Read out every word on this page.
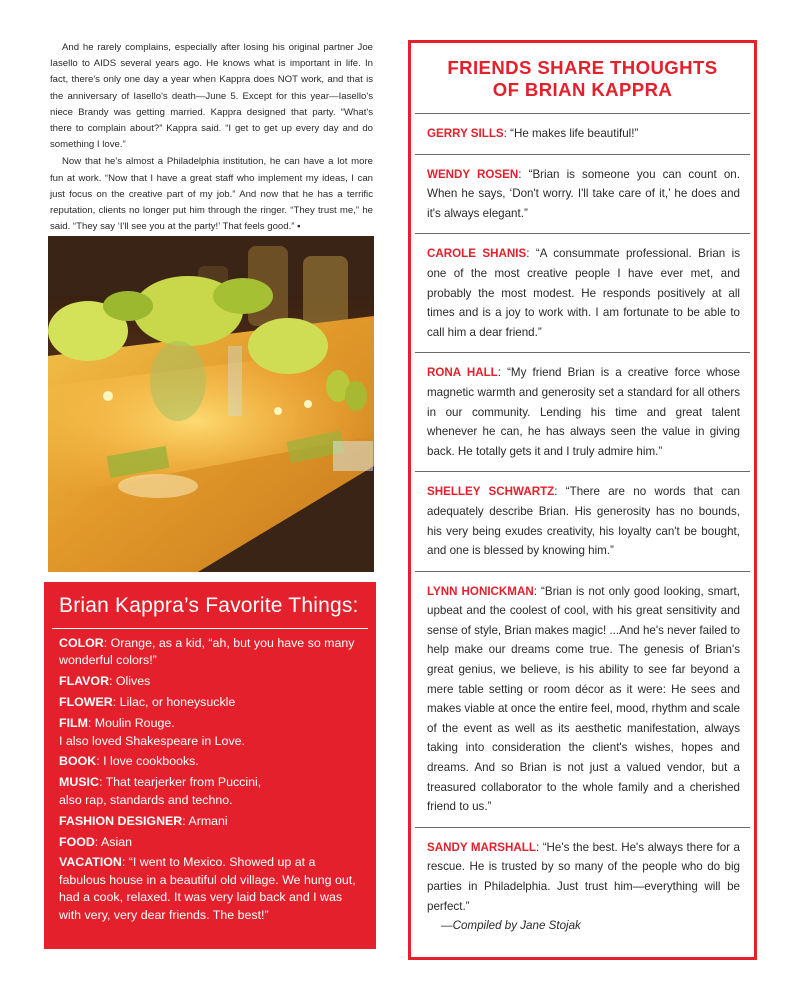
And he rarely complains, especially after losing his original partner Joe Iasello to AIDS several years ago. He knows what is important in life. In fact, there's only one day a year when Kappra does NOT work, and that is the anniversary of Iasello's death—June 5. Except for this year—Iasello's niece Brandy was getting married. Kappra designed that party. “What's there to complain about?” Kappra said. “I get to get up every day and do something I love.”

Now that he's almost a Philadelphia institution, he can have a lot more fun at work. “Now that I have a great staff who implement my ideas, I can just focus on the creative part of my job.” And now that he has a terrific reputation, clients no longer put him through the ringer. “They trust me,” he said. “They say ‘I'll see you at the party!’ That feels good.” ▪

Brian Kappra’s Favorite Things:
COLOR: Orange, as a kid, “ah, but you have so many wonderful colors!”
FLAVOR: Olives
FLOWER: Lilac, or honeysuckle
FILM: Moulin Rouge.
I also loved Shakespeare in Love.
BOOK: I love cookbooks.
MUSIC: That tearjerker from Puccini,
also rap, standards and techno.
FASHION DESIGNER: Armani
FOOD: Asian
VACATION: “I went to Mexico. Showed up at a fabulous house in a beautiful old village. We hung out, had a cook, relaxed. It was very laid back and I was with very, very dear friends. The best!”
FRIENDS SHARE THOUGHTS
OF BRIAN KAPPRA
GERRY SILLS: “He makes life beautiful!”
WENDY ROSEN: “Brian is someone you can count on. When he says, ‘Don't worry. I'll take care of it,’ he does and it's always elegant.”
CAROLE SHANIS: “A consummate professional. Brian is one of the most creative people I have ever met, and probably the most modest. He responds positively at all times and is a joy to work with. I am fortunate to be able to call him a dear friend.”
RONA HALL: “My friend Brian is a creative force whose magnetic warmth and generosity set a standard for all others in our community. Lending his time and great talent whenever he can, he has always seen the value in giving back. He totally gets it and I truly admire him.”
SHELLEY SCHWARTZ: “There are no words that can adequately describe Brian. His generosity has no bounds, his very being exudes creativity, his loyalty can't be bought, and one is blessed by knowing him.”
LYNN HONICKMAN: “Brian is not only good looking, smart, upbeat and the coolest of cool, with his great sensitivity and sense of style, Brian makes magic! ...And he's never failed to help make our dreams come true. The genesis of Brian's great genius, we believe, is his ability to see far beyond a mere table setting or room décor as it were: He sees and makes viable at once the entire feel, mood, rhythm and scale of the event as well as its aesthetic manifestation, always taking into consideration the client's wishes, hopes and dreams. And so Brian is not just a valued vendor, but a treasured collaborator to the whole family and a cherished friend to us.”
SANDY MARSHALL: “He's the best. He's always there for a rescue. He is trusted by so many of the people who do big parties in Philadelphia. Just trust him—everything will be perfect.”
—Compiled by Jane Stojak
